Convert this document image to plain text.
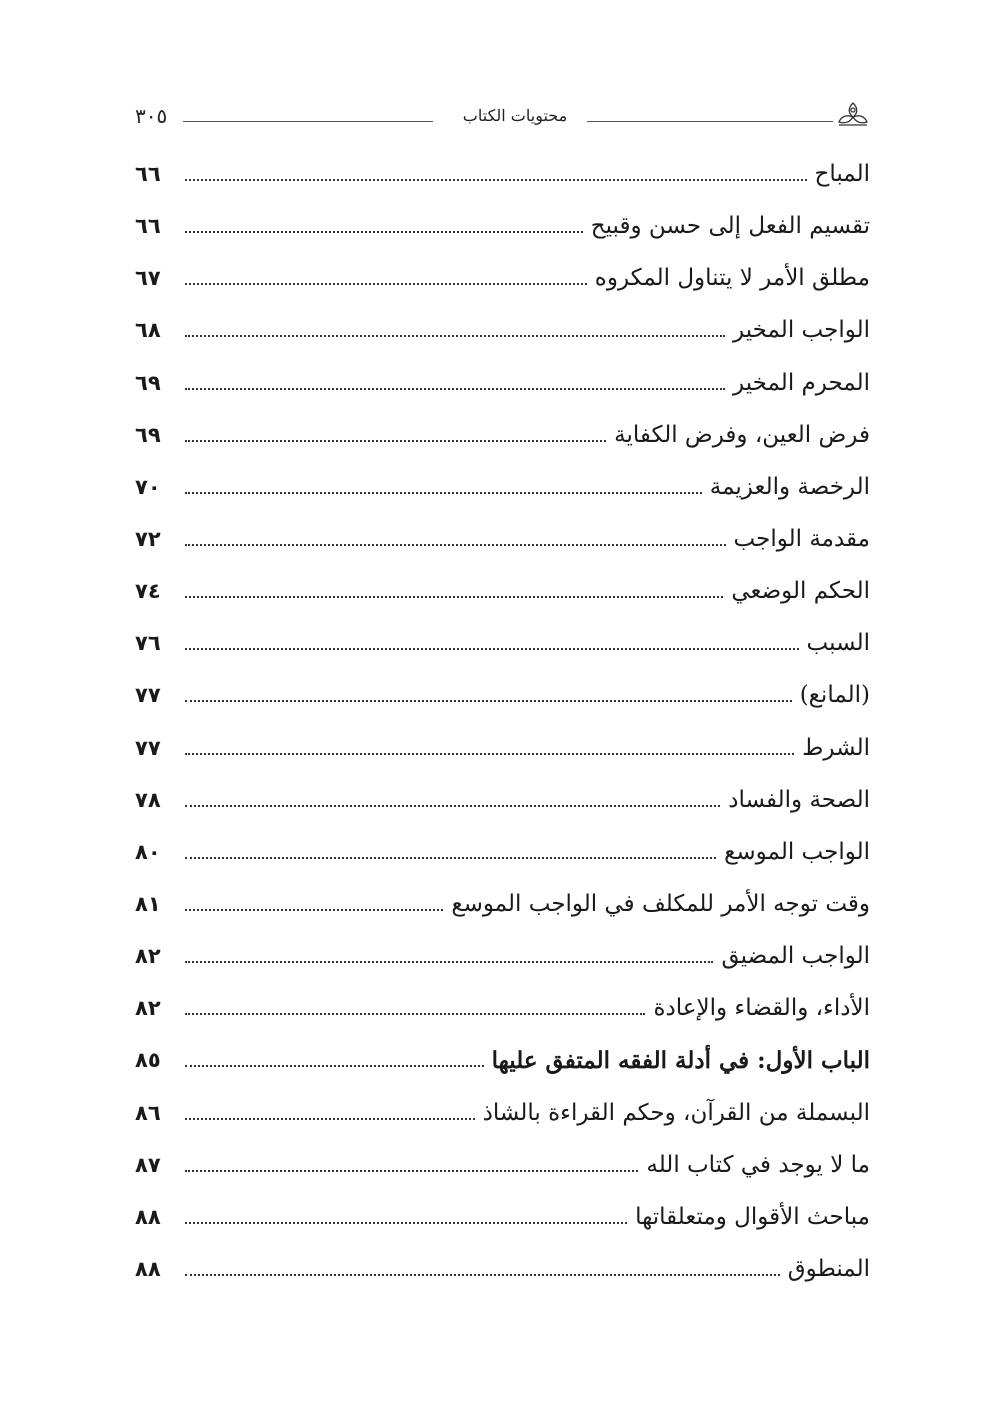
٣٠٥	محتويات الكتاب
٦٦	المباح
٦٦	تقسيم الفعل إلى حسن وقبيح
٦٧	مطلق الأمر لا يتناول المكروه
٦٨	الواجب المخير
٦٩	المحرم المخير
٦٩	فرض العين، وفرض الكفاية
٧٠	الرخصة والعزيمة
٧٢	مقدمة الواجب
٧٤	الحكم الوضعي
٧٦	السبب
٧٧	(المانع)
٧٧	الشرط
٧٨	الصحة والفساد
٨٠	الواجب الموسع
٨١	وقت توجه الأمر للمكلف في الواجب الموسع
٨٢	الواجب المضيق
٨٢	الأداء، والقضاء والإعادة
٨٥	الباب الأول: في أدلة الفقه المتفق عليها
٨٦	البسملة من القرآن، وحكم القراءة بالشاذ
٨٧	ما لا يوجد في كتاب الله
٨٨	مباحث الأقوال ومتعلقاتها
٨٨	المنطوق
